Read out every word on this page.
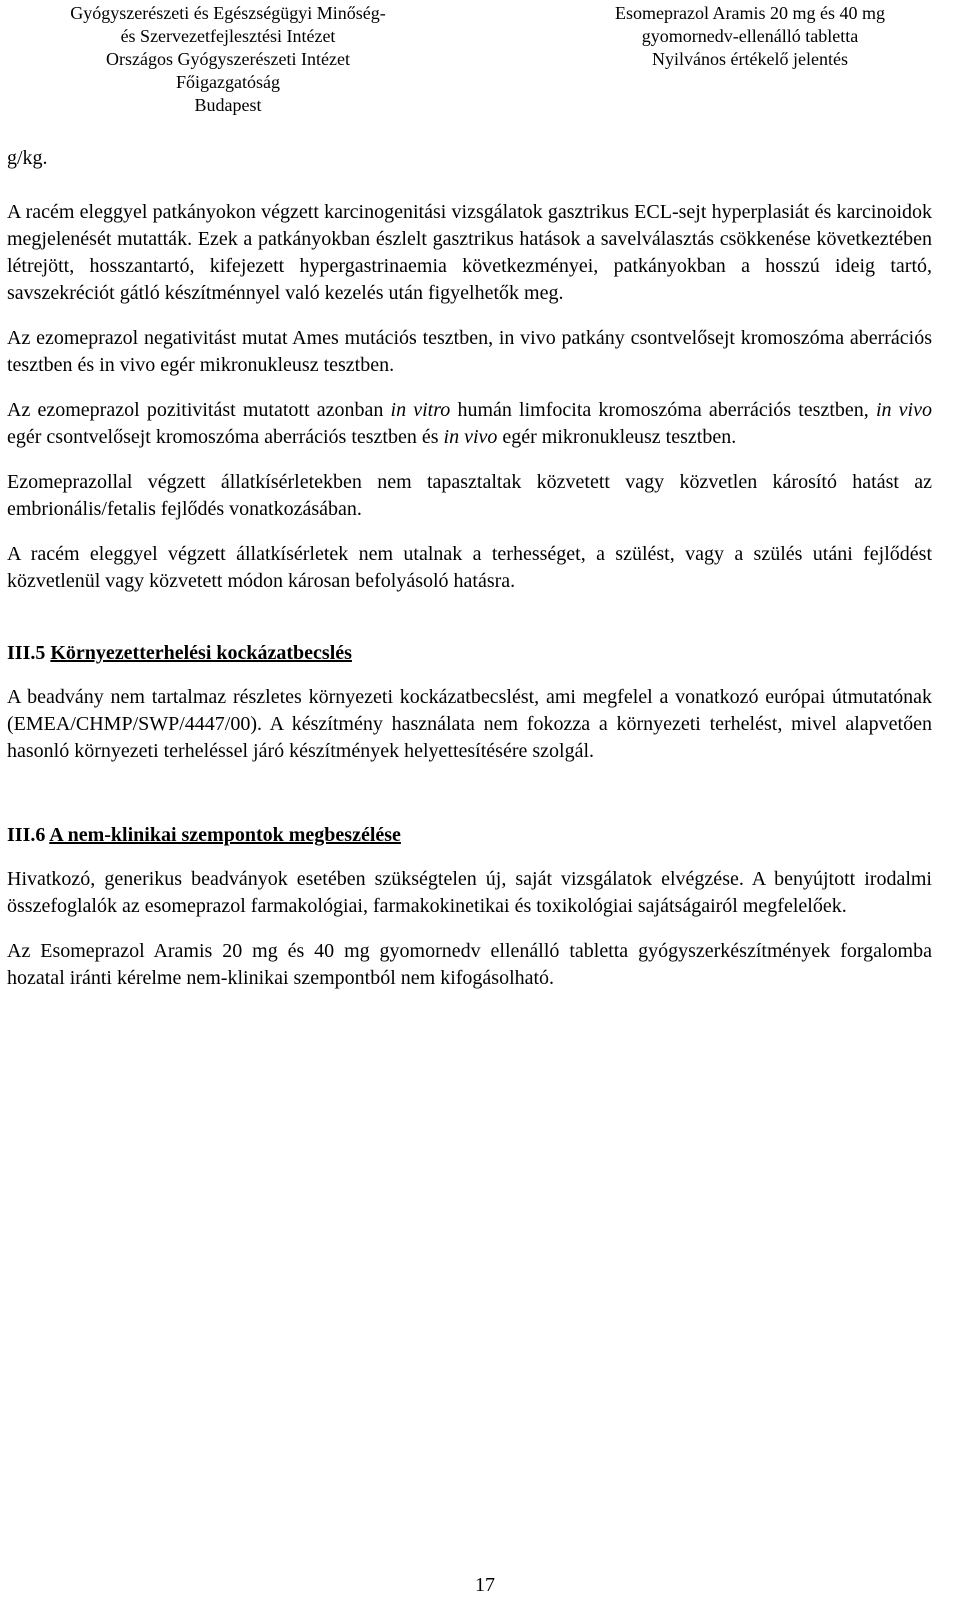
Gyógyszerészeti és Egészségügyi Minőség-
és Szervezetfejlesztési Intézet
Országos Gyógyszerészeti Intézet
Főigazgatóság
Budapest
Esomeprazol Aramis 20 mg és 40 mg
gyomornedv-ellenálló tabletta
Nyilvános értékelő jelentés

g/kg.

A racém eleggyel patkányokon végzett karcinogenitási vizsgálatok gasztrikus ECL-sejt hyperplasiát és karcinoidok megjelenését mutatták. Ezek a patkányokban észlelt gasztrikus hatások a savelválasztás csökkenése következtében létrejött, hosszantartó, kifejezett hypergastrinaemia következményei, patkányokban a hosszú ideig tartó, savszekréciót gátló készítménnyel való kezelés után figyelhetők meg.

Az ezomeprazol negativitást mutat Ames mutációs tesztben, in vivo patkány csontvelősejt kromoszóma aberrációs tesztben és in vivo egér mikronukleusz tesztben.

Az ezomeprazol pozitivitást mutatott azonban in vitro humán limfocita kromoszóma aberrációs tesztben, in vivo egér csontvelősejt kromoszóma aberrációs tesztben és in vivo egér mikronukleusz tesztben.

Ezomeprazollal végzett állatkísérletekben nem tapasztaltak közvetett vagy közvetlen károsító hatást az embrionális/fetalis fejlődés vonatkozásában.

A racém eleggyel végzett állatkísérletek nem utalnak a terhességet, a szülést, vagy a szülés utáni fejlődést közvetlenül vagy közvetett módon károsan befolyásoló hatásra.

III.5 Környezetterhelési kockázatbecslés

A beadvány nem tartalmaz részletes környezeti kockázatbecslést, ami megfelel a vonatkozó európai útmutatónak (EMEA/CHMP/SWP/4447/00). A készítmény használata nem fokozza a környezeti terhelést, mivel alapvetően hasonló környezeti terheléssel járó készítmények helyettesítésére szolgál.

III.6 A nem-klinikai szempontok megbeszélése

Hivatkozó, generikus beadványok esetében szükségtelen új, saját vizsgálatok elvégzése. A benyújtott irodalmi összefoglalók az esomeprazol farmakológiai, farmakokinetikai és toxikológiai sajátságairól megfelelőek.

Az Esomeprazol Aramis 20 mg és 40 mg gyomornedv ellenálló tabletta gyógyszerkészítmények forgalomba hozatal iránti kérelme nem-klinikai szempontból nem kifogásolható.

17
